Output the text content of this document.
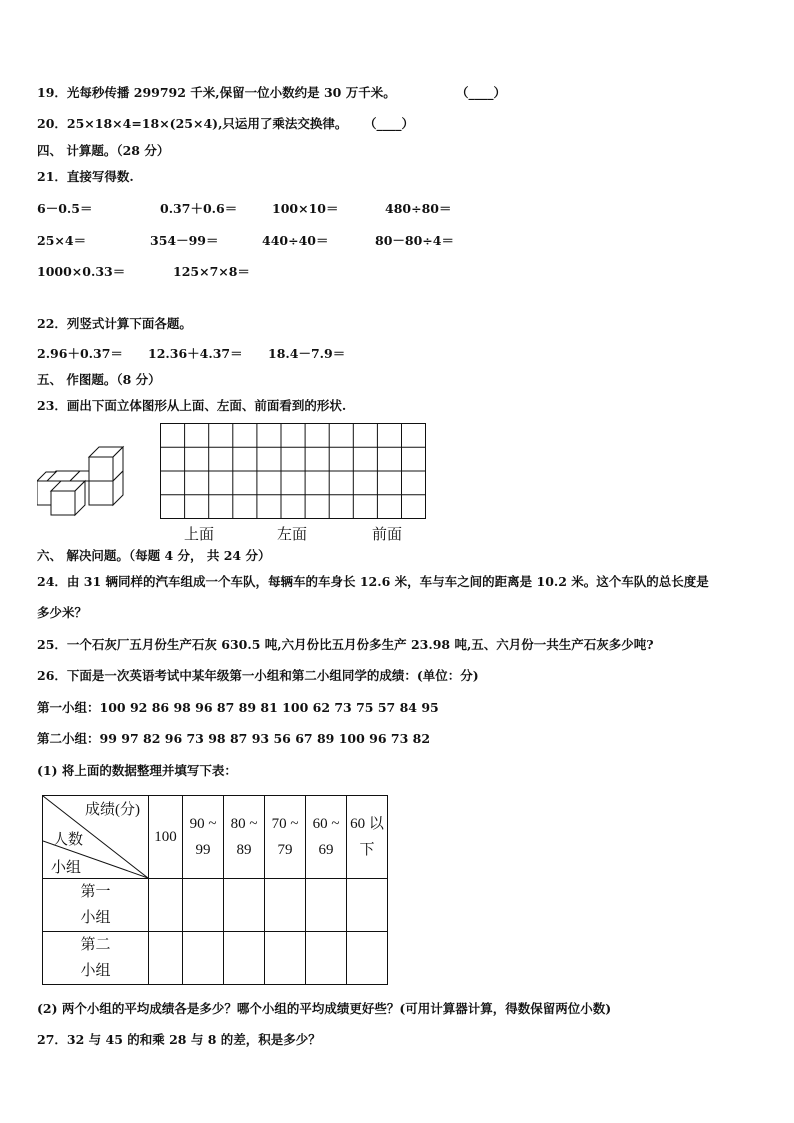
19．光每秒传播 299792 千米,保留一位小数约是 30 万千米。	（____）
20．25×18×4=18×(25×4),只运用了乘法交换律。 （____）
四、 计算题。（28 分）
21．直接写得数.
6－0.5＝	0.37＋0.6＝	100×10＝	480÷80＝
25×4＝	354－99＝	440÷40＝	80－80÷4＝
1000×0.33＝	125×7×8＝
22．列竖式计算下面各题。
2.96＋0.37＝ 12.36＋4.37＝ 18.4－7.9＝
五、 作图题。（8 分）
23．画出下面立体图形从上面、左面、前面看到的形状.
上面	左面	前面
六、 解决问题。（每题 4 分， 共 24 分）
24．由 31 辆同样的汽车组成一个车队，每辆车的车身长 12.6 米，车与车之间的距离是 10.2 米。这个车队的总长度是
多少米？
25．一个石灰厂五月份生产石灰 630.5 吨,六月份比五月份多生产 23.98 吨,五、六月份一共生产石灰多少吨?
26．下面是一次英语考试中某年级第一小组和第二小组同学的成绩：(单位：分)
第一小组：100 92 86 98 96 87 89 81 100 62 73 75 57 84 95
第二小组：99 97 82 96 73 98 87 93 56 67 89 100 96 73 82
(1) 将上面的数据整理并填写下表：
成绩(分)
人数
小组	100	90 ~ 99	80 ~ 89	70 ~ 79	60 ~ 69	60 以下
第一小组						
第二小组						
(2) 两个小组的平均成绩各是多少？哪个小组的平均成绩更好些？(可用计算器计算，得数保留两位小数)
27．32 与 45 的和乘 28 与 8 的差，积是多少？
